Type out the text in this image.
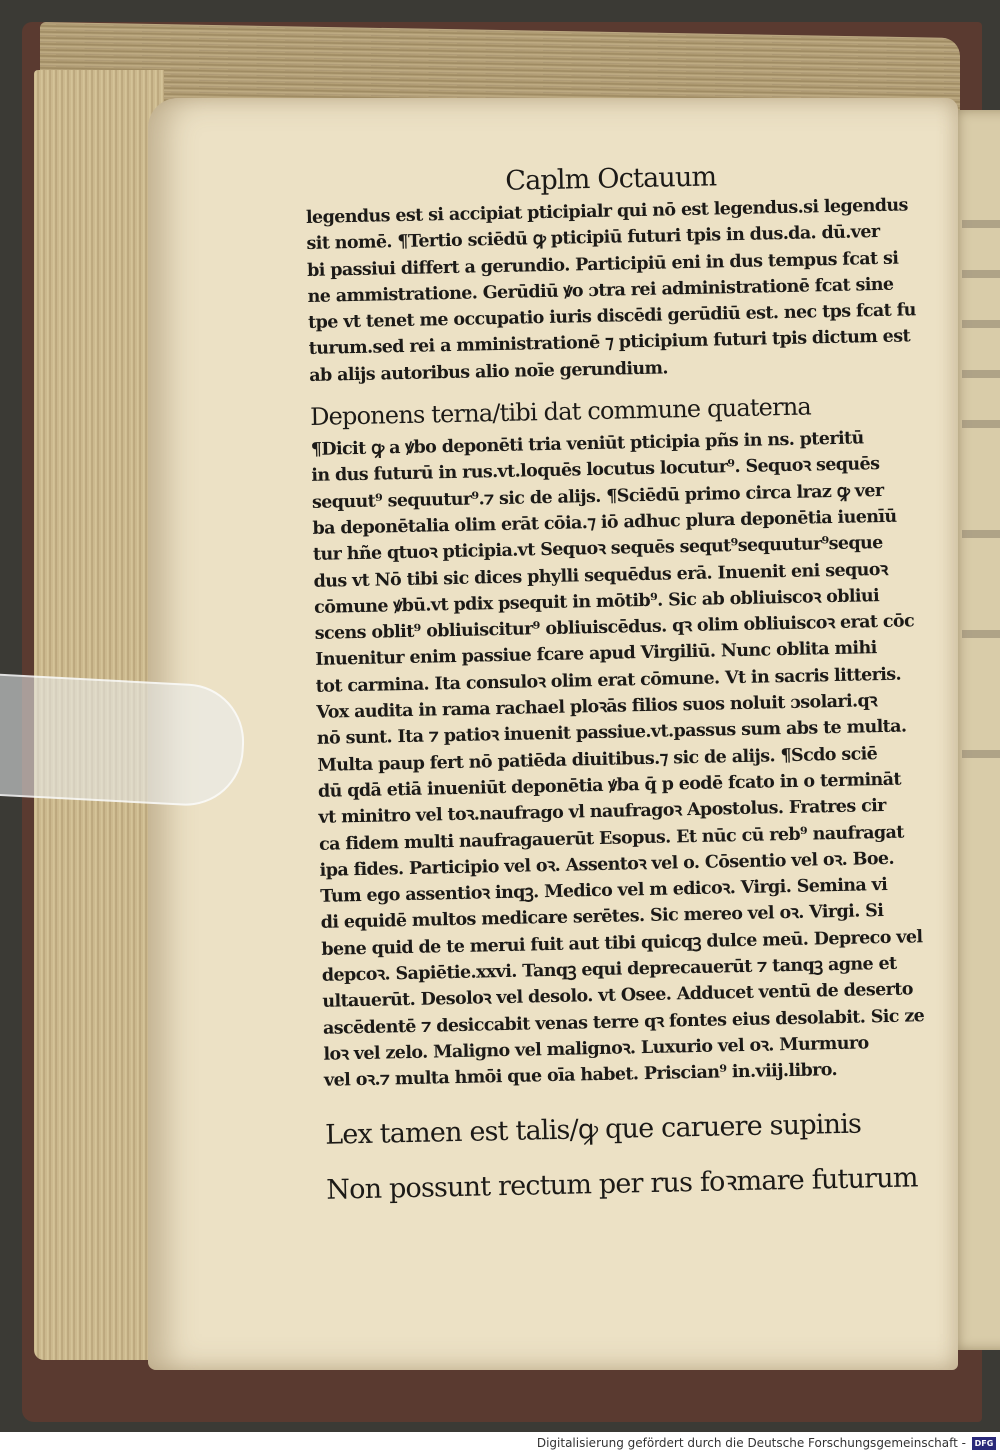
Caplm Octauum
legendus est si accipiat pticipialr qui nō est legendus.si legendus
sit nomē. ¶Tertio sciēdū ꝙ pticipiū futuri tpis in dus.da. dū.ver
bi passiui differt a gerundio. Participiū eni in dus tempus fcat si
ne ammistratione. Gerūdiū ꝟo ɔtra rei administrationē fcat sine
tpe vt tenet me occupatio iuris discēdi gerūdiū est. nec tps fcat fu
turum.sed rei a mministrationē ⁊ pticipium futuri tpis dictum est
ab alijs autoribus alio noīe gerundium.
Deponens terna/tibi dat commune quaterna
¶Dicit ꝙ a ꝟbo deponēti tria veniūt pticipia pñs in ns. pteritū
in dus futurū in rus.vt.loquēs locutus locutur⁹. Sequoꝛ sequēs
sequut⁹ sequutur⁹.⁊ sic de alijs. ¶Sciēdū primo circa lraz ꝙ ver
ba deponētalia olim erāt cōia.⁊ iō adhuc plura deponētia iuenīū
tur hñe qtuoꝛ pticipia.vt Sequoꝛ sequēs sequt⁹sequutur⁹seque
dus vt Nō tibi sic dices phylli sequēdus erā. Inuenit eni sequoꝛ
cōmune ꝟbū.vt pdix psequit in mōtib⁹. Sic ab obliuiscoꝛ obliui
scens oblit⁹ obliuiscitur⁹ obliuiscēdus. qꝛ olim obliuiscoꝛ erat cōc
Inuenitur enim passiue fcare apud Virgiliū. Nunc oblita mihi
tot carmina. Ita consuloꝛ olim erat cōmune. Vt in sacris litteris.
Vox audita in rama rachael ploꝛās filios suos noluit ɔsolari.qꝛ
nō sunt. Ita ⁊ patioꝛ inuenit passiue.vt.passus sum abs te multa.
Multa paup fert nō patiēda diuitibus.⁊ sic de alijs. ¶Scdo sciē
dū qdā etiā inueniūt deponētia ꝟba q̄ p eodē fcato in o termināt
vt minitro vel toꝛ.naufrago vl naufragoꝛ Apostolus. Fratres cir
ca fidem multi naufragauerūt Esopus. Et nūc cū reb⁹ naufragat
ipa fides. Participio vel oꝛ. Assentoꝛ vel o. Cōsentio vel oꝛ. Boe.
Tum ego assentioꝛ inqꝫ. Medico vel m edicoꝛ. Virgi. Semina vi
di equidē multos medicare serētes. Sic mereo vel oꝛ. Virgi. Si
bene quid de te merui fuit aut tibi quicqꝫ dulce meū. Depreco vel
depcoꝛ. Sapiētie.xxvi. Tanqꝫ equi deprecauerūt ⁊ tanqꝫ agne et
ultauerūt. Desoloꝛ vel desolo. vt Osee. Adducet ventū de deserto
ascēdentē ⁊ desiccabit venas terre qꝛ fontes eius desolabit. Sic ze
loꝛ vel zelo. Maligno vel malignoꝛ. Luxurio vel oꝛ. Murmuro
vel oꝛ.⁊ multa hmōi que oīa habet. Priscian⁹ in.viij.libro.
Lex tamen est talis/ꝙ que caruere supinis
Non possunt rectum per rus foꝛmare futurum
Digitalisierung gefördert durch die Deutsche Forschungsgemeinschaft -	DFG
